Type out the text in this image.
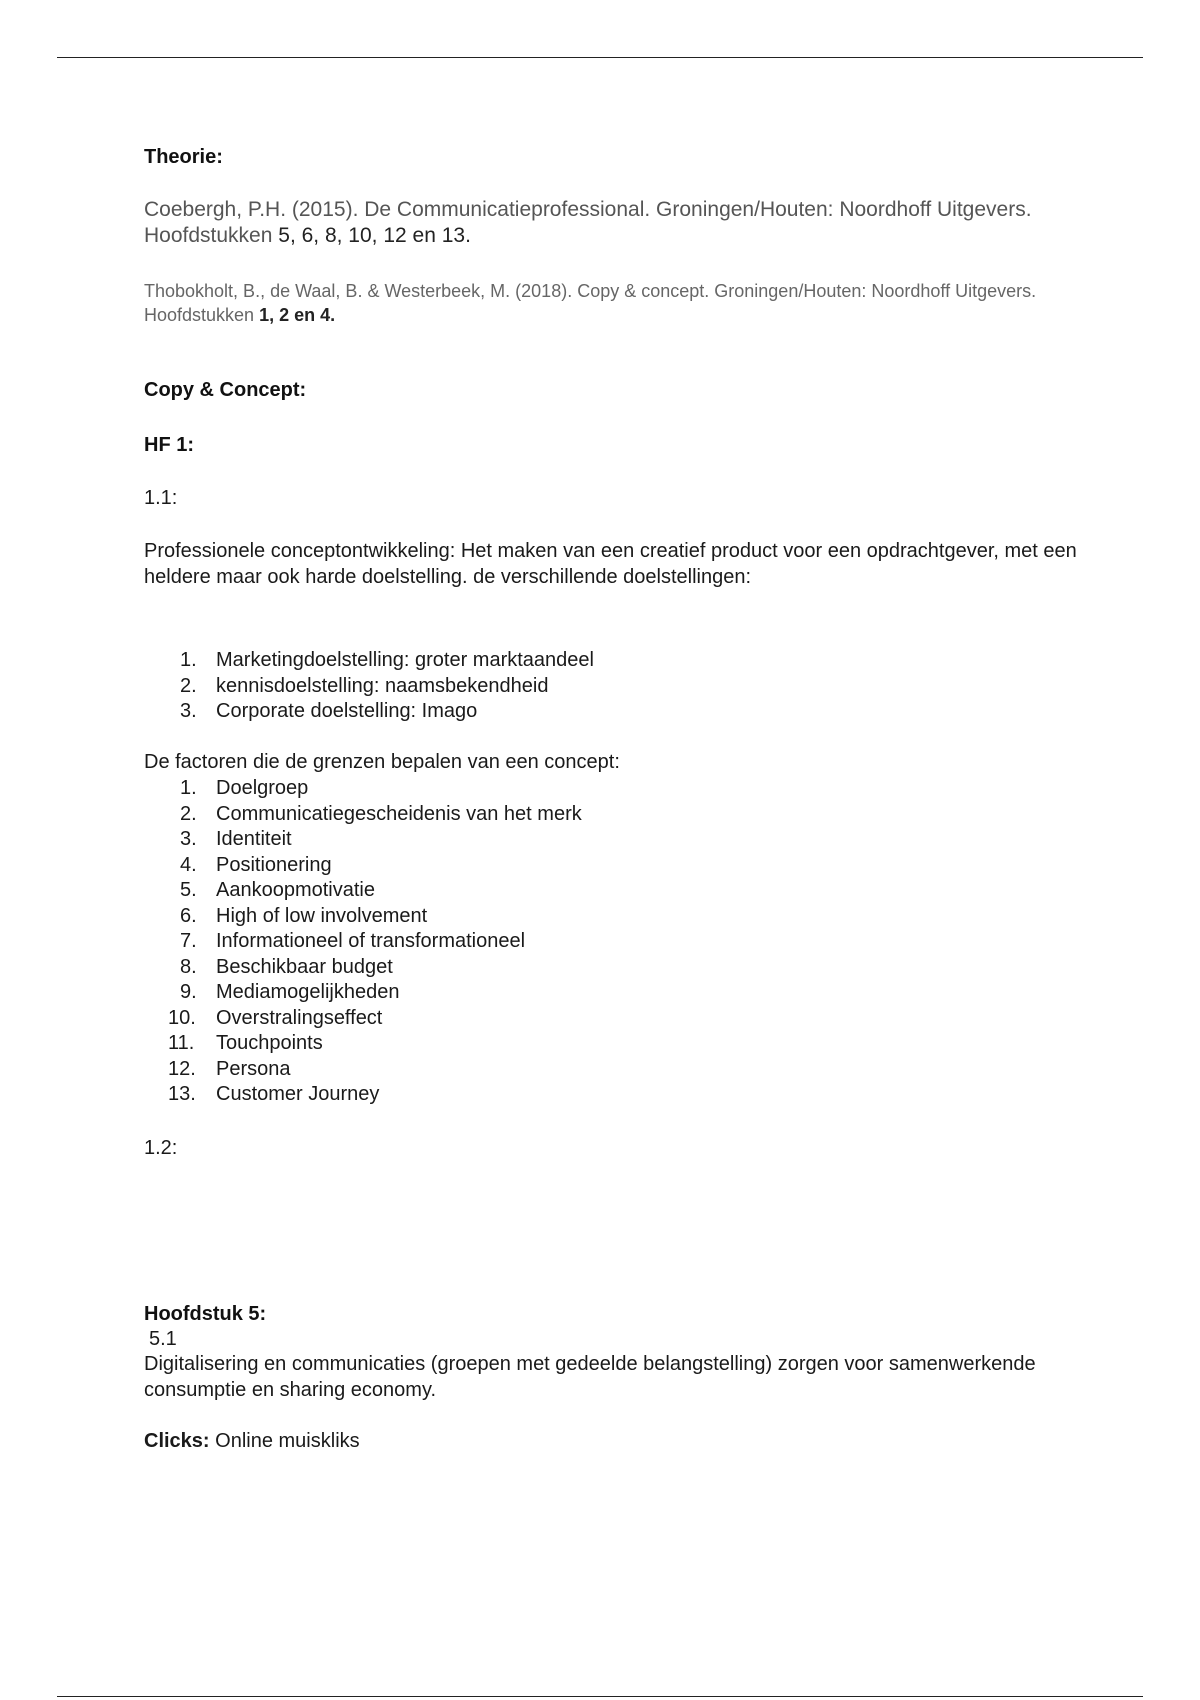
Theorie:

Coebergh, P.H. (2015). De Communicatieprofessional. Groningen/Houten: Noordhoff Uitgevers. Hoofdstukken 5, 6, 8, 10, 12 en 13.

Thobokholt, B., de Waal, B. & Westerbeek, M. (2018). Copy & concept. Groningen/Houten: Noordhoff Uitgevers. Hoofdstukken 1, 2 en 4.

Copy & Concept:

HF 1:

1.1:

Professionele conceptontwikkeling: Het maken van een creatief product voor een opdrachtgever, met een heldere maar ook harde doelstelling. de verschillende doelstellingen:

1. Marketingdoelstelling: groter marktaandeel
2. kennisdoelstelling: naamsbekendheid
3. Corporate doelstelling: Imago

De factoren die de grenzen bepalen van een concept:

1. Doelgroep
2. Communicatiegescheidenis van het merk
3. Identiteit
4. Positionering
5. Aankoopmotivatie
6. High of low involvement
7. Informationeel of transformationeel
8. Beschikbaar budget
9. Mediamogelijkheden
10. Overstralingseffect
11. Touchpoints
12. Persona
13. Customer Journey

1.2:

Hoofdstuk 5:

5.1

Digitalisering en communicaties (groepen met gedeelde belangstelling) zorgen voor samenwerkende consumptie en sharing economy.

Clicks: Online muiskliks
